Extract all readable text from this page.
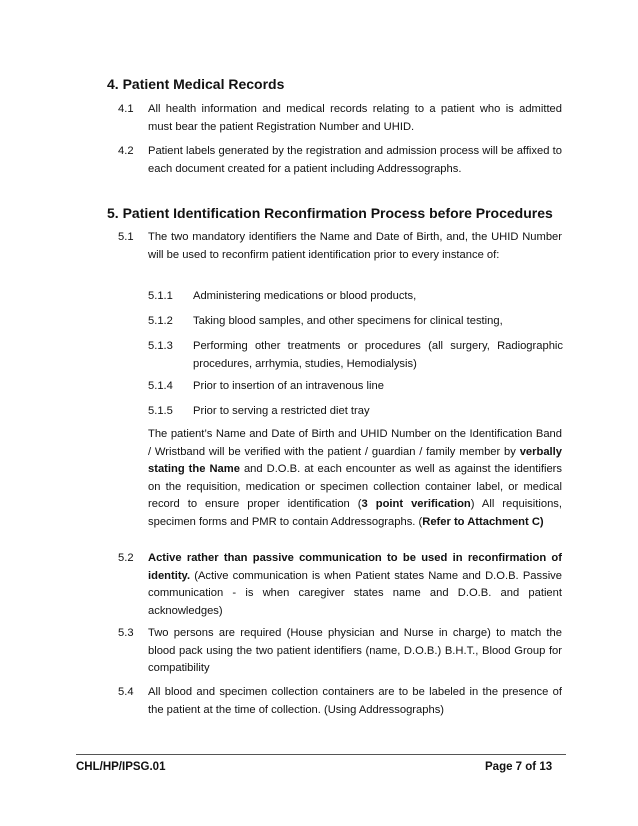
4. Patient Medical Records
4.1 All health information and medical records relating to a patient who is admitted must bear the patient Registration Number and UHID.
4.2 Patient labels generated by the registration and admission process will be affixed to each document created for a patient including Addressographs.
5. Patient Identification Reconfirmation Process before Procedures
5.1 The two mandatory identifiers the Name and Date of Birth, and, the UHID Number will be used to reconfirm patient identification prior to every instance of:
5.1.1 Administering medications or blood products,
5.1.2 Taking blood samples, and other specimens for clinical testing,
5.1.3 Performing other treatments or procedures (all surgery, Radiographic procedures, arrhymia, studies, Hemodialysis)
5.1.4 Prior to insertion of an intravenous line
5.1.5 Prior to serving a restricted diet tray
The patient’s Name and Date of Birth and UHID Number on the Identification Band / Wristband will be verified with the patient / guardian / family member by verbally stating the Name and D.O.B. at each encounter as well as against the identifiers on the requisition, medication or specimen collection container label, or medical record to ensure proper identification (3 point verification) All requisitions, specimen forms and PMR to contain Addressographs. (Refer to Attachment C)
5.2 Active rather than passive communication to be used in reconfirmation of identity. (Active communication is when Patient states Name and D.O.B. Passive communication - is when caregiver states name and D.O.B. and patient acknowledges)
5.3 Two persons are required (House physician and Nurse in charge) to match the blood pack using the two patient identifiers (name, D.O.B.) B.H.T., Blood Group for compatibility
5.4 All blood and specimen collection containers are to be labeled in the presence of the patient at the time of collection. (Using Addressographs)
CHL/HP/IPSG.01	Page 7 of 13
